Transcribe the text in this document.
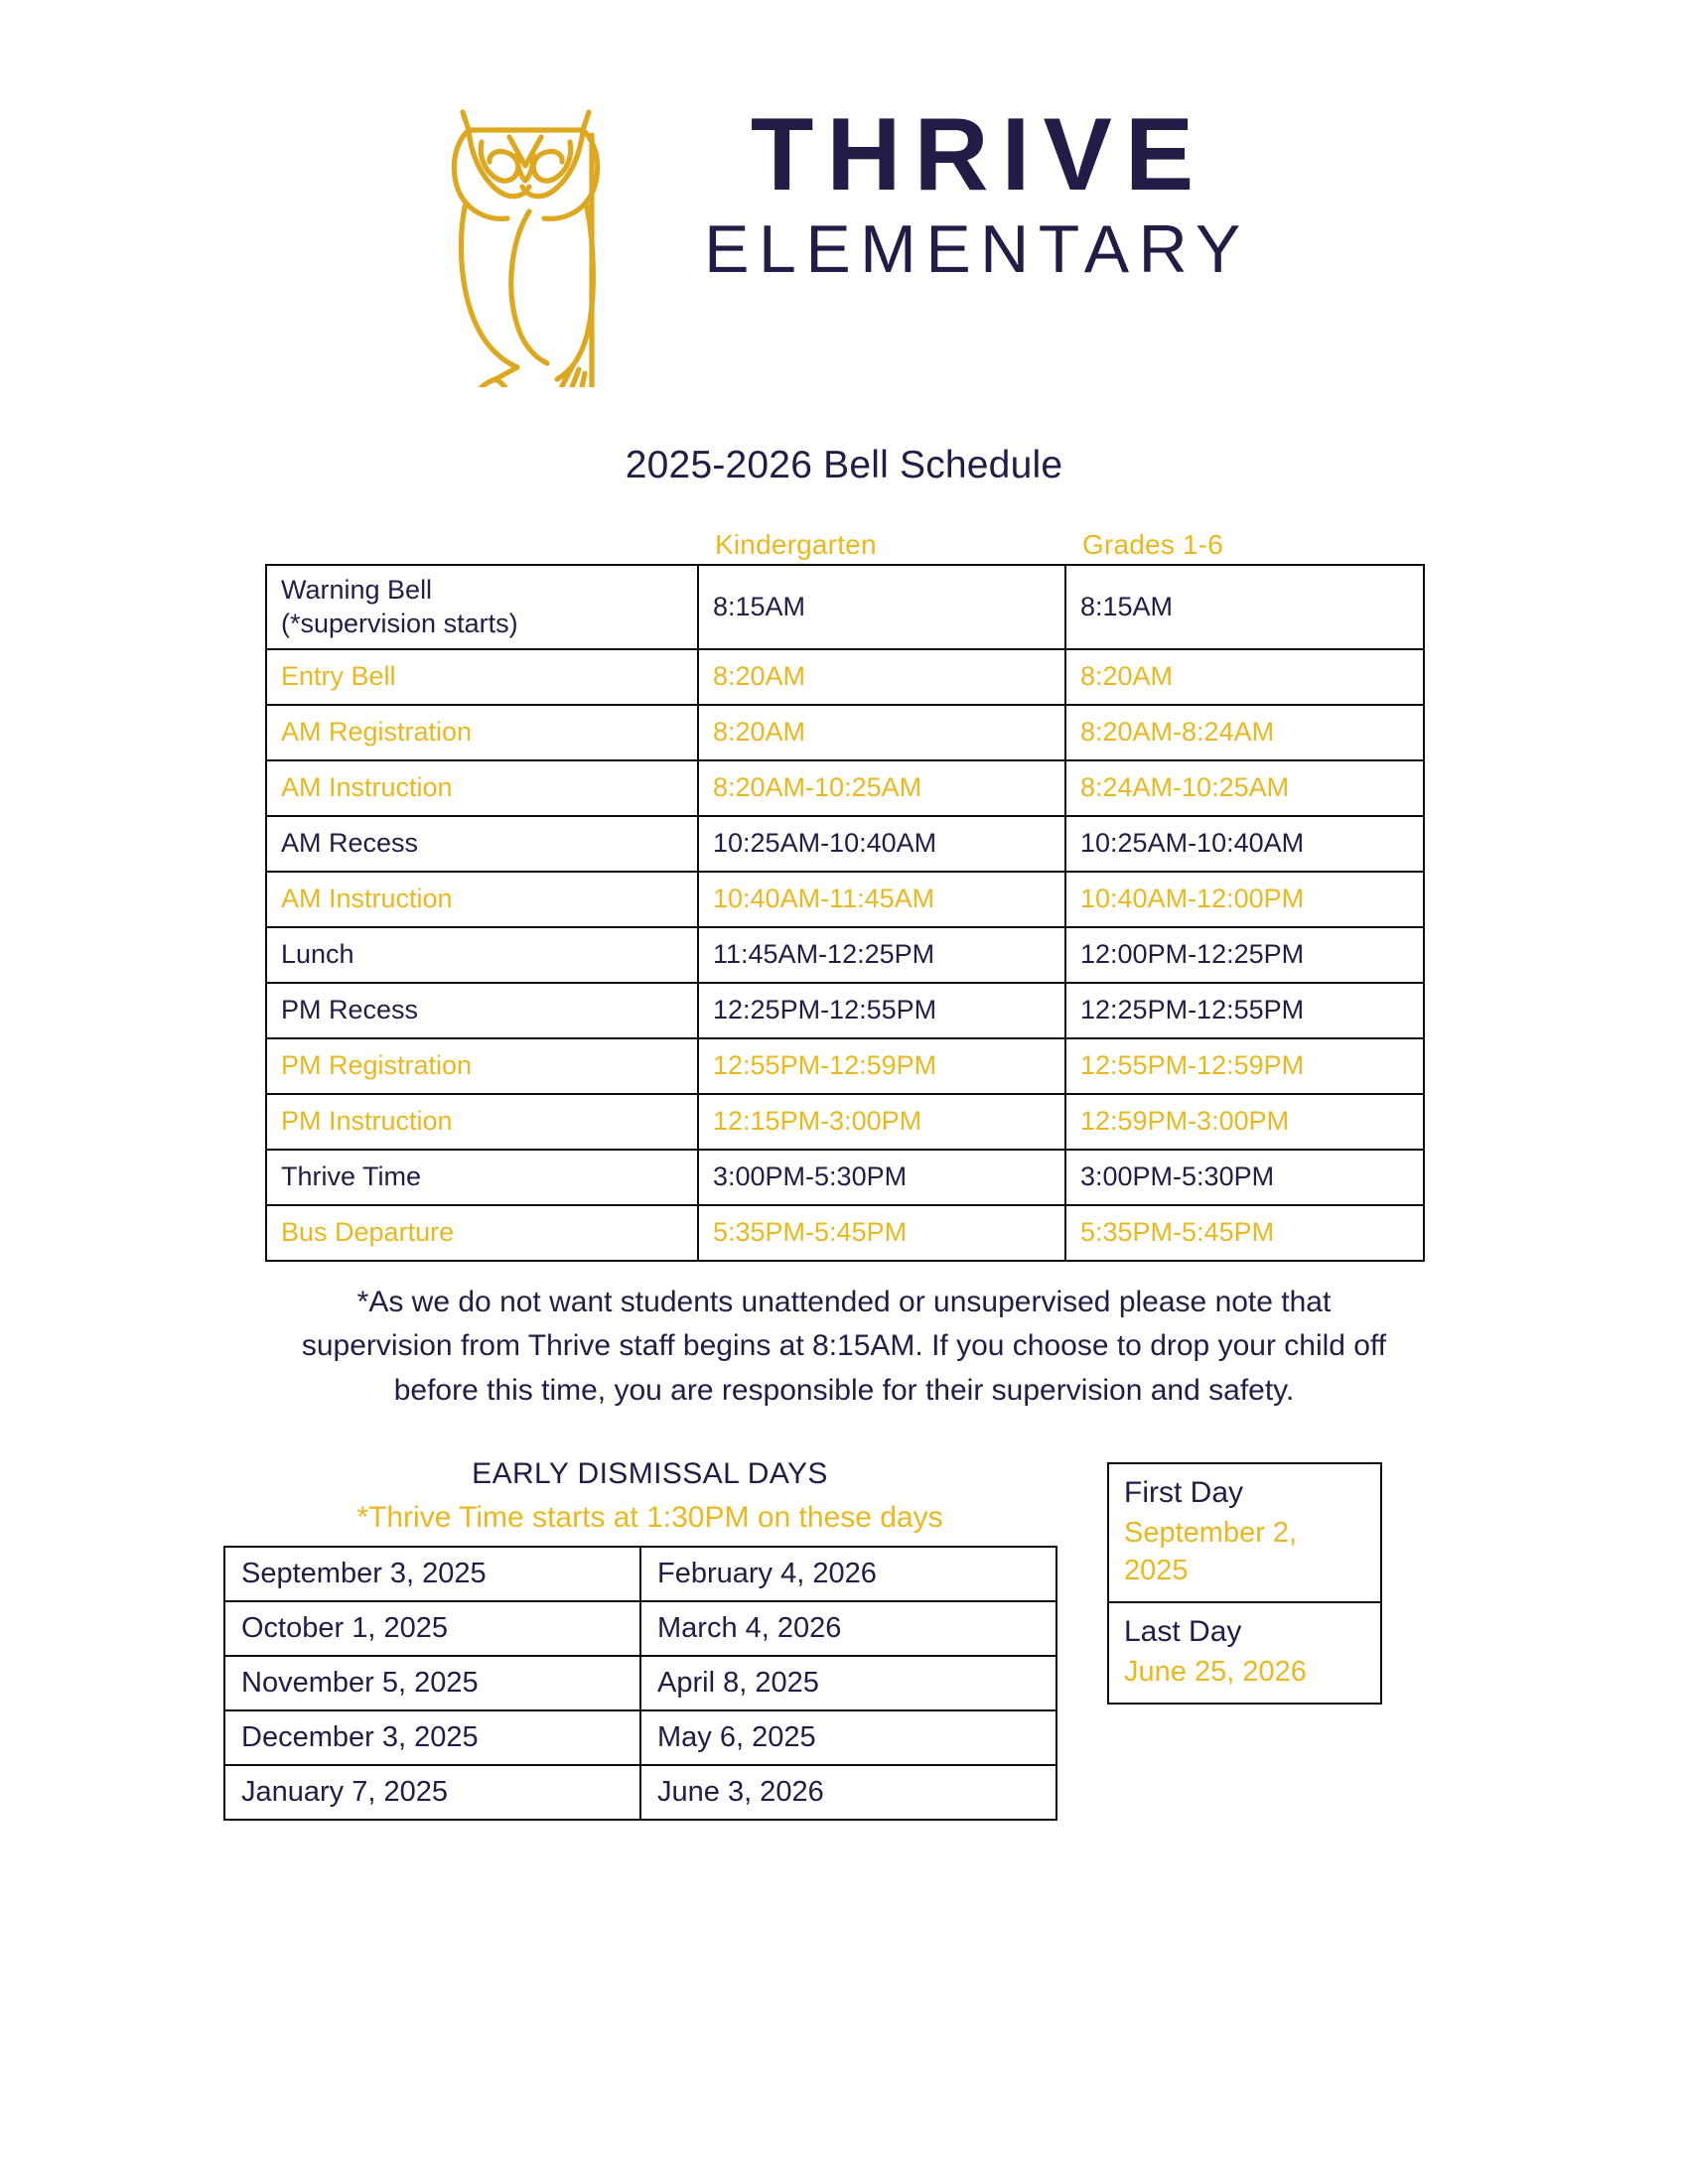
THRIVE
ELEMENTARY
2025-2026 Bell Schedule
Kindergarten	Grades 1-6
Warning Bell
(*supervision starts)	8:15AM	8:15AM
Entry Bell	8:20AM	8:20AM
AM Registration	8:20AM	8:20AM-8:24AM
AM Instruction	8:20AM-10:25AM	8:24AM-10:25AM
AM Recess	10:25AM-10:40AM	10:25AM-10:40AM
AM Instruction	10:40AM-11:45AM	10:40AM-12:00PM
Lunch	11:45AM-12:25PM	12:00PM-12:25PM
PM Recess	12:25PM-12:55PM	12:25PM-12:55PM
PM Registration	12:55PM-12:59PM	12:55PM-12:59PM
PM Instruction	12:15PM-3:00PM	12:59PM-3:00PM
Thrive Time	3:00PM-5:30PM	3:00PM-5:30PM
Bus Departure	5:35PM-5:45PM	5:35PM-5:45PM
*As we do not want students unattended or unsupervised please note that supervision from Thrive staff begins at 8:15AM. If you choose to drop your child off before this time, you are responsible for their supervision and safety.
EARLY DISMISSAL DAYS
*Thrive Time starts at 1:30PM on these days
September 3, 2025	February 4, 2026
October 1, 2025	March 4, 2026
November 5, 2025	April 8, 2025
December 3, 2025	May 6, 2025
January 7, 2025	June 3, 2026
First Day
September 2, 2025

Last Day
June 25, 2026
